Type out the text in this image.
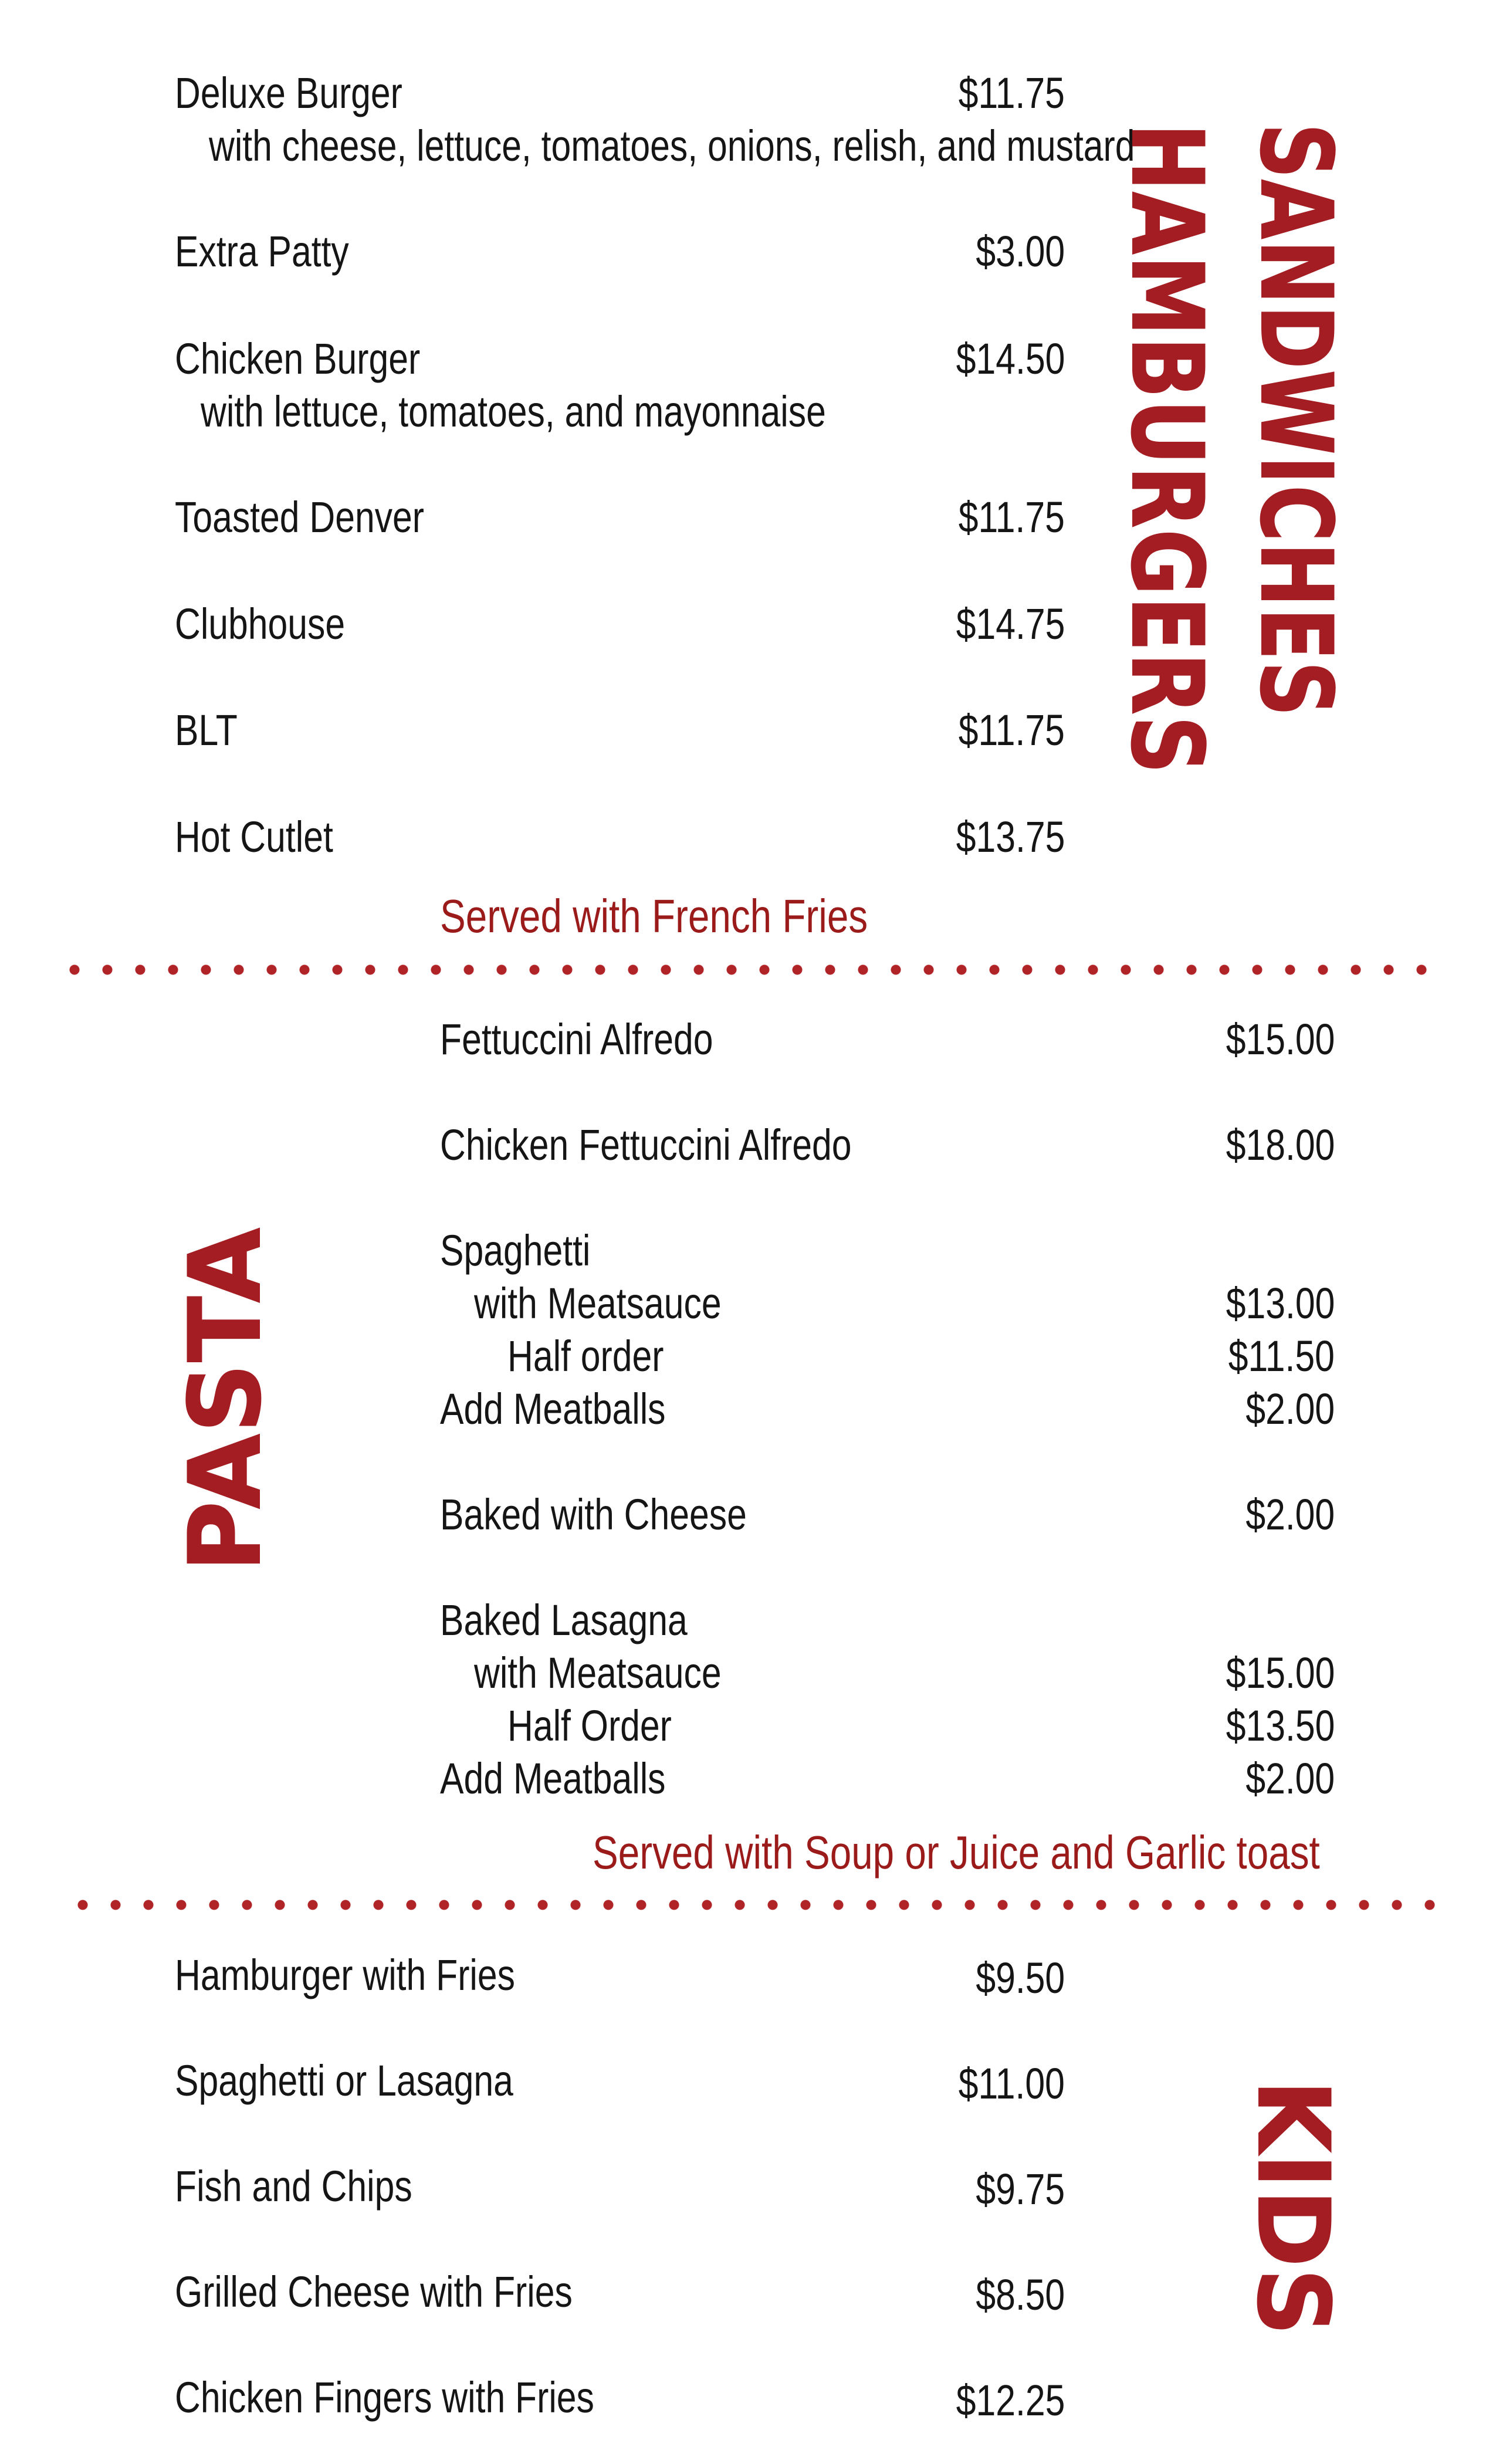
Deluxe Burger	$11.75
with cheese, lettuce, tomatoes, onions, relish, and mustard
Extra Patty	$3.00
Chicken Burger	$14.50
with lettuce, tomatoes, and mayonnaise
Toasted Denver	$11.75
Clubhouse	$14.75
BLT	$11.75
Hot Cutlet	$13.75
Served with French Fries
SANDWICHES
HAMBURGERS
PASTA
Fettuccini Alfredo	$15.00
Chicken Fettuccini Alfredo	$18.00
Spaghetti
with Meatsauce	$13.00
Half order	$11.50
Add Meatballs	$2.00
Baked with Cheese	$2.00
Baked Lasagna
with Meatsauce	$15.00
Half Order	$13.50
Add Meatballs	$2.00
Served with Soup or Juice and Garlic toast
Hamburger with Fries	$9.50
Spaghetti or Lasagna	$11.00
Fish and Chips	$9.75
Grilled Cheese with Fries	$8.50
Chicken Fingers with Fries	$12.25
KIDS
